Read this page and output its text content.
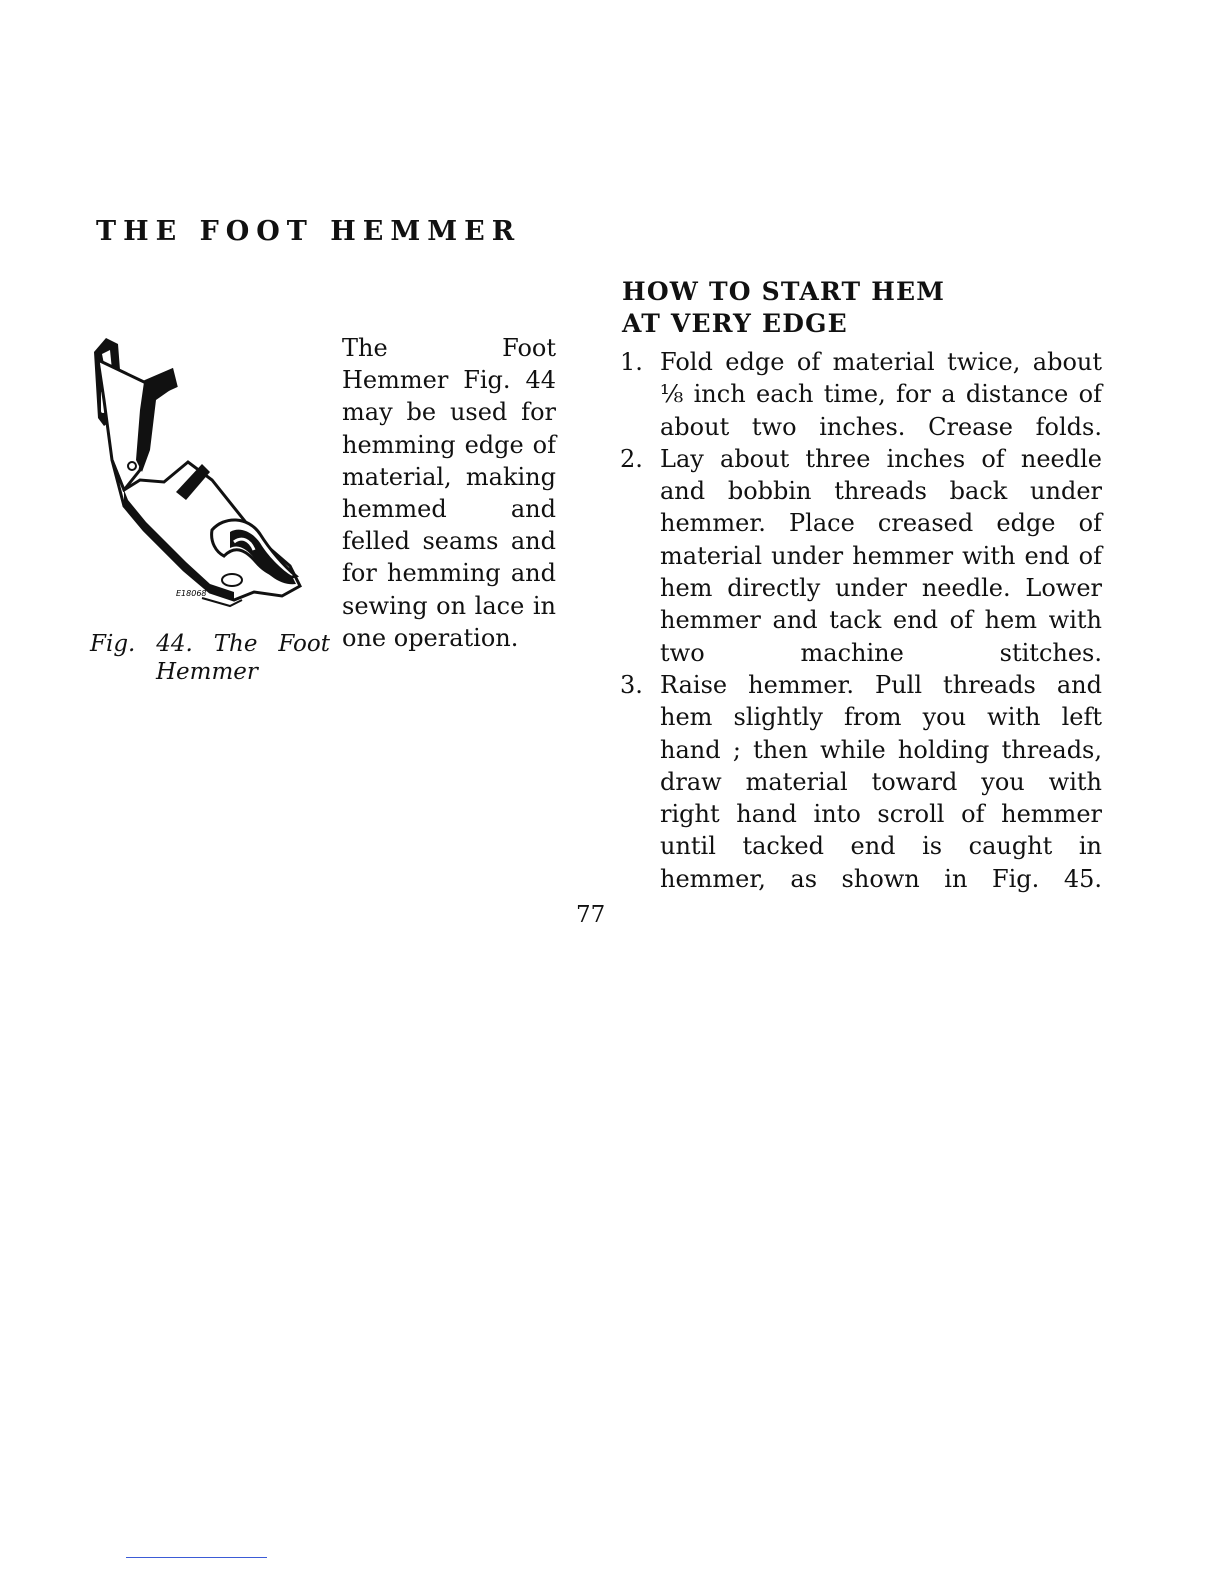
THE FOOT HEMMER
E18068
Fig. 44. The Foot
Hemmer
The Foot Hemmer Fig. 44 may be used for hemming edge of material, making hemmed and felled seams and for hemming and sewing on lace in one operation.
HOW TO START HEM
AT VERY EDGE
1. Fold edge of material twice, about ⅛ inch each time, for a distance of about two inches. Crease folds.
2. Lay about three inches of needle and bobbin threads back under hemmer. Place creased edge of material under hemmer with end of hem directly under needle. Lower hemmer and tack end of hem with two machine stitches.
3. Raise hemmer. Pull threads and hem slightly from you with left hand ; then while holding threads, draw material toward you with right hand into scroll of hemmer until tacked end is caught in hemmer, as shown in Fig. 45.
77
